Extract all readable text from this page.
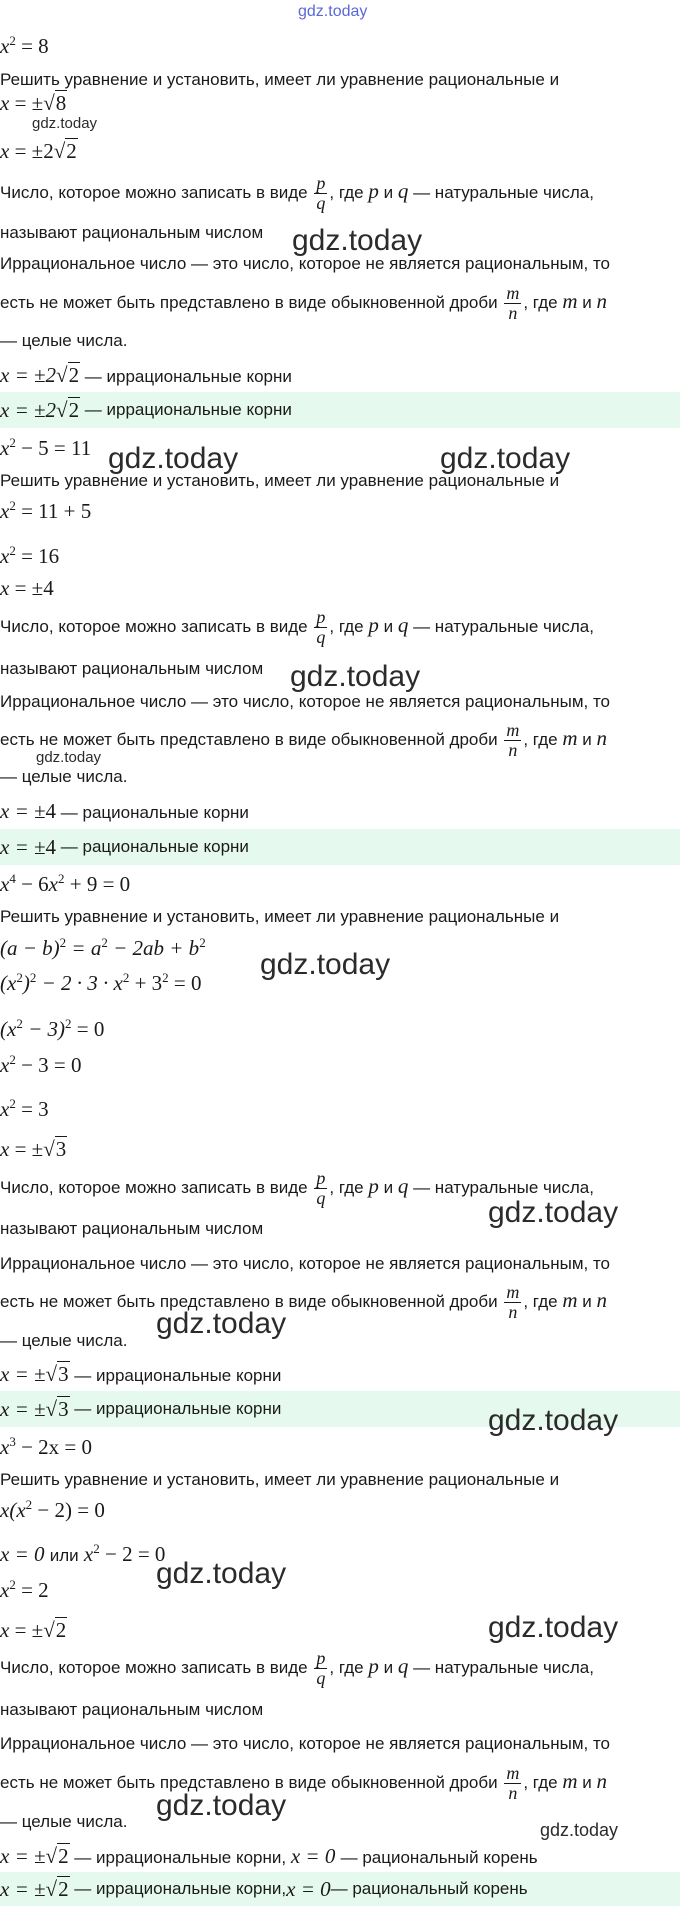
gdz.today
$x^2 = 8$
Решить уравнение и установить, имеет ли уравнение рациональные и
x = ±√8
gdz.today
x = ±2√2
Число, которое можно записать в виде $\frac{p}{q}$ , где p и q — натуральные числа,
называют рациональным числом gdz.today
Иррациональное число — это число, которое не является рациональным, то
есть не может быть представлено в виде обыкновенной дроби $\frac{m}{n}$ , где m и n
— целые числа.
x = ±2√2 — иррациональные корни
x = ±2√2
— иррациональные корни
$x^2 - 5 = 11$ gdz.today	gdz.today
Решить уравнение и установить, имеет ли уравнение рациональные и
$x^2 = 11 + 5$
$x^2 = 16$
x = ±4
Число, которое можно записать в виде $\frac{p}{q}$ , где p и q — натуральные числа,
называют рациональным числом gdz.today
Иррациональное число — это число, которое не является рациональным, то
есть не может быть представлено в виде обыкновенной дроби $\frac{m}{n}$ , где m и n
gdz.today
— целые числа.
x = ±4 — рациональные корни
x = ±4
— рациональные корни
$x^4 - 6x^2 + 9 = 0$
Решить уравнение и установить, имеет ли уравнение рациональные и
$(a - b)^2 = a^2 - 2ab + b^2$
$(x^2)^2 - 2 \cdot 3 \cdot x^2 + 3^2 = 0$
gdz.today
$(x^2 - 3)^2 = 0$
$x^2 - 3 = 0$
$x^2 = 3$
x = ±√3
Число, которое можно записать в виде $\frac{p}{q}$ , где p и q — натуральные числа,
gdz.today
называют рациональным числом
Иррациональное число — это число, которое не является рациональным, то
есть не может быть представлено в виде обыкновенной дроби $\frac{m}{n}$ , где m и n
— целые числа.
gdz.today
x = ±√3 — иррациональные корни
x = ±√3
— иррациональные корни	gdz.today
$x^3 - 2x = 0$
Решить уравнение и установить, имеет ли уравнение рациональные и
$x(x^2 - 2) = 0$
x = 0 или $x^2 - 2 = 0$
$x^2 = 2$	gdz.today
x = ±√2	gdz.today
Число, которое можно записать в виде $\frac{p}{q}$ , где p и q — натуральные числа,
называют рациональным числом
Иррациональное число — это число, которое не является рациональным, то
есть не может быть представлено в виде обыкновенной дроби $\frac{m}{n}$ , где m и n
— целые числа. gdz.today
gdz.today
x = ±√2 — иррациональные корни, x = 0 — рациональный корень
x = ±√2
— иррациональные корни, x = 0 — рациональный корень
